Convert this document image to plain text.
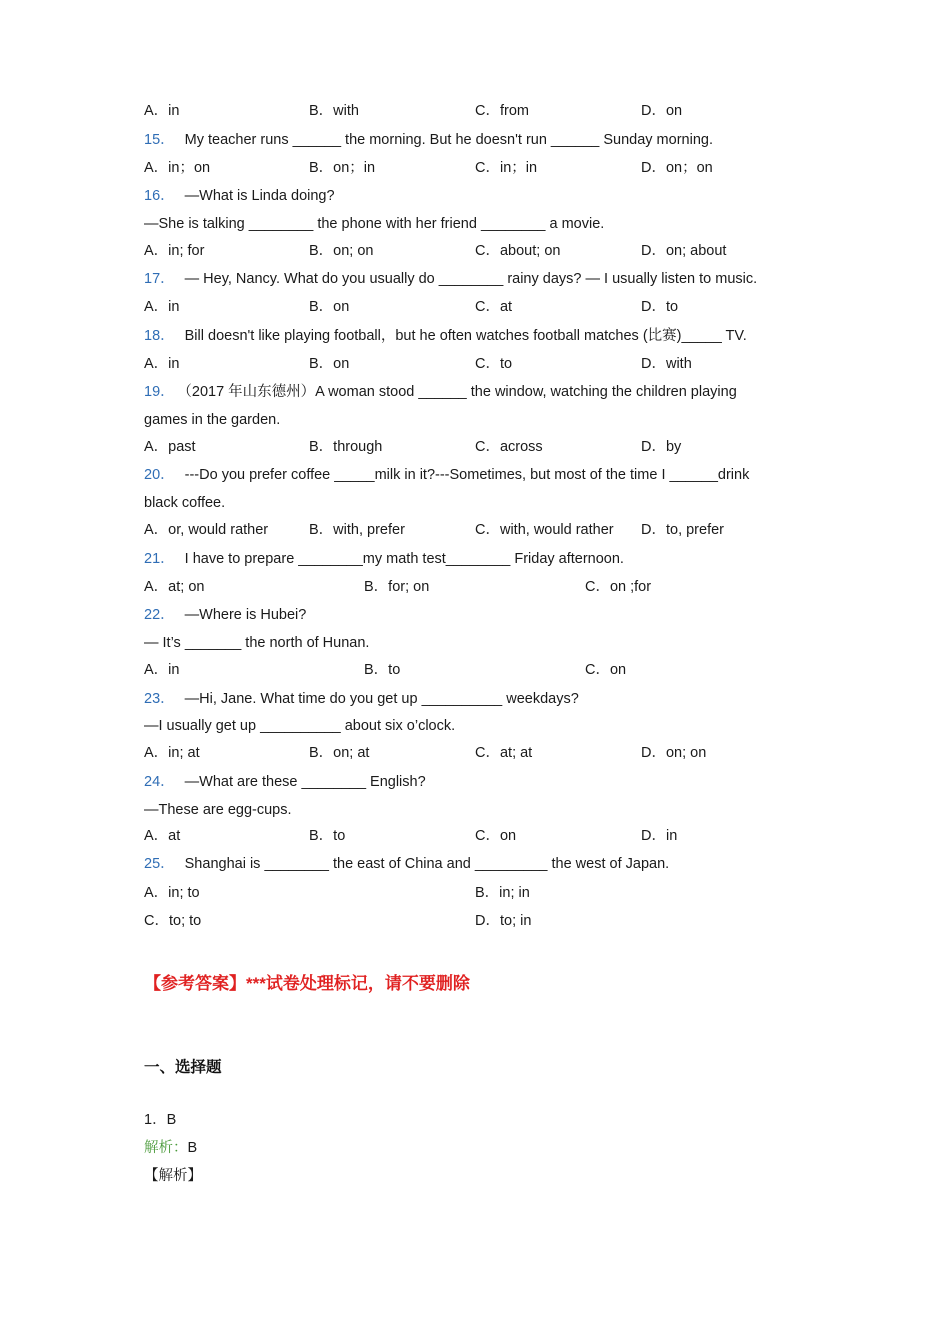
A．in	B．with	C．from	D．on
15． My teacher runs ______ the morning. But he doesn't run ______ Sunday morning.
A．in；on	B．on；in	C．in；in	D．on；on
16． —What is Linda doing?
—She is talking ________ the phone with her friend ________ a movie.
A．in; for	B．on; on	C．about; on	D．on; about
17． — Hey, Nancy. What do you usually do ________ rainy days? — I usually listen to music.
A．in	B．on	C．at	D．to
18． Bill doesn't like playing football，but he often watches football matches (比赛)_____ TV.
A．in	B．on	C．to	D．with
19． （2017 年山东德州）A woman stood ______ the window, watching the children playing
games in the garden.
A．past	B．through	C．across	D．by
20． ---Do you prefer coffee _____milk in it?---Sometimes, but most of the time I ______drink
black coffee.
A．or, would rather	B．with, prefer	C．with, would rather D．to, prefer
21． I have to prepare ________my math test________ Friday afternoon.
A．at; on	B．for; on	C．on ;for
22． —Where is Hubei?
— It’s _______ the north of Hunan.
A．in	B．to	C．on
23． —Hi, Jane. What time do you get up __________ weekdays?
—I usually get up __________ about six o’clock.
A．in; at	B．on; at	C．at; at	D．on; on
24． —What are these ________ English?
—These are egg-cups.
A．at	B．to	C．on	D．in
25． Shanghai is ________ the east of China and _________ the west of Japan.
A．in; to	B．in; in
C．to; to	D．to; in
【参考答案】***试卷处理标记，请不要删除
一、选择题
1．B
解析：B
【解析】
